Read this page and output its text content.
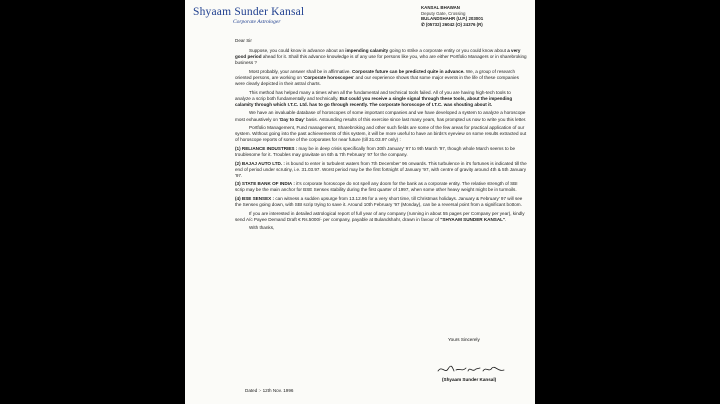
Shyaam Sunder Kansal
Corporate Astrologer
KANSAL BHAWAN
Deputy Gate, Crossing
BULANDSHAHR (U.P.) 203001
✆ (05732) 26042 (O) 24376 (R)

Dear Sir

Suppose, you could know in advance about an impending calamity going to strike a corporate entity or you could know about a very good period ahead for it. Shall this advance knowledge is of any use for persons like you, who are either Portfolio Managers or in sharebroking business ?

Most probably, your answer shall be in affirmative. Corporate future can be predicted quite in advance. We, a group of research oriented persons, are working on 'Corporate horoscopes' and our experience shows that some major events in the life of these companies were clearly depicted in their astral charts.

This method has helped many a times when all the fundamental and technical tools failed. All of you are having high-tech tools to analyze a scrip both fundamentally and technically. But could you receive a single signal through these tools, about the impending calamity through which I.T.C. Ltd. has to go through recently. The corporate horoscope of I.T.C. was shouting about it.

We have an invaluable database of horoscopes of some important companies and we have developed a system to analyze a horoscope most exhaustively on 'Day to Day' basis. Astounding results of this exercise since last many years, has prompted us now to write you this letter.

Portfolio Management, Fund management, Sharebroking and other such fields are some of the few areas for practical application of our system. Without going into the past achievements of this system, it will be more useful to have an birds's eyeview on some results extracted out of horoscope reports of some of the corporates for near future (till 31.03.97 only) :

(1) RELIANCE INDUSTRIES : may be in deep crisis specifically from 30th January' 97 to 9th March '97, though whole March seems to be troublesome for it. Troubles may gravitate on 6th & 7th February' 97 for the company.

(2) BAJAJ AUTO LTD. : is bound to enter in turbulent waters from 7th December' 96 onwards. This turbulence in it's fortunes is indicated till the end of period under scrutiny, i.e. 31.03.97. Worst period may be the first fortnight of January '97, with centre of gravity around 4th & 5th January '97.

(3) STATE BANK OF INDIA : it's corporate horoscope do not spell any doom for the bank as a corporate entity. The relative strength of SBI scrip may be the main anchor for BSE Sensex stability during the first quarter of 1997, when some other heavy weight might be in turmoils.

(4) BSE SENSEX : can witness a sudden upsurge from 13.12.96 for a very short time, till Christmas holidays. January & February' 97 will see the Sensex going down, with SBI scrip trying to save it. Around 10th February '97 (Monday), can be a reversal point from a significant bottom.

If you are interested in detailed astrological report of full year of any company (running in about 55 pages per Company per year), kindly send A/c Payee Demand Draft € Rs.5000/- per company, payable at Bulandshahr, drawn in favour of "SHYAAM SUNDER KANSAL".

With thanks,

Yours Sincerely
(Shyaam Sunder Kansal)
Dated :- 12th Nov. 1996
